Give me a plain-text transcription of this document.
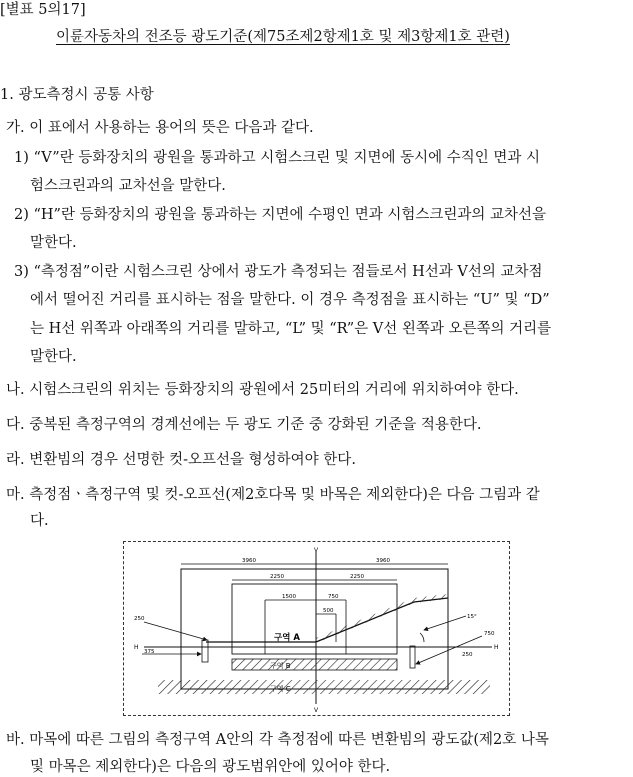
[별표 5의17]
이륜자동차의 전조등 광도기준(제75조제2항제1호 및 제3항제1호 관련)
1. 광도측정시 공통 사항
가. 이 표에서 사용하는 용어의 뜻은 다음과 같다.
1) “V”란 등화장치의 광원을 통과하고 시험스크린 및 지면에 동시에 수직인 면과 시
험스크린과의 교차선을 말한다.
2) “H”란 등화장치의 광원을 통과하는 지면에 수평인 면과 시험스크린과의 교차선을
말한다.
3) “측정점”이란 시험스크린 상에서 광도가 측정되는 점들로서 H선과 V선의 교차점
에서 떨어진 거리를 표시하는 점을 말한다. 이 경우 측정점을 표시하는 “U” 및 “D”
는 H선 위쪽과 아래쪽의 거리를 말하고, “L” 및 “R”은 V선 왼쪽과 오른쪽의 거리를
말한다.
나. 시험스크린의 위치는 등화장치의 광원에서 25미터의 거리에 위치하여야 한다.
다. 중복된 측정구역의 경계선에는 두 광도 기준 중 강화된 기준을 적용한다.
라. 변환빔의 경우 선명한 컷-오프선을 형성하여야 한다.
마. 측정점ㆍ측정구역 및 컷-오프선(제2호다목 및 바목은 제외한다)은 다음 그림과 같
다.
V
V
H	H
3960	3960
2250	2250
1500	750
500
구역 A
구역 B
구역 C
250
375
15°
750
250
바. 마목에 따른 그림의 측정구역 A안의 각 측정점에 따른 변환빔의 광도값(제2호 나목
및 마목은 제외한다)은 다음의 광도범위안에 있어야 한다.
